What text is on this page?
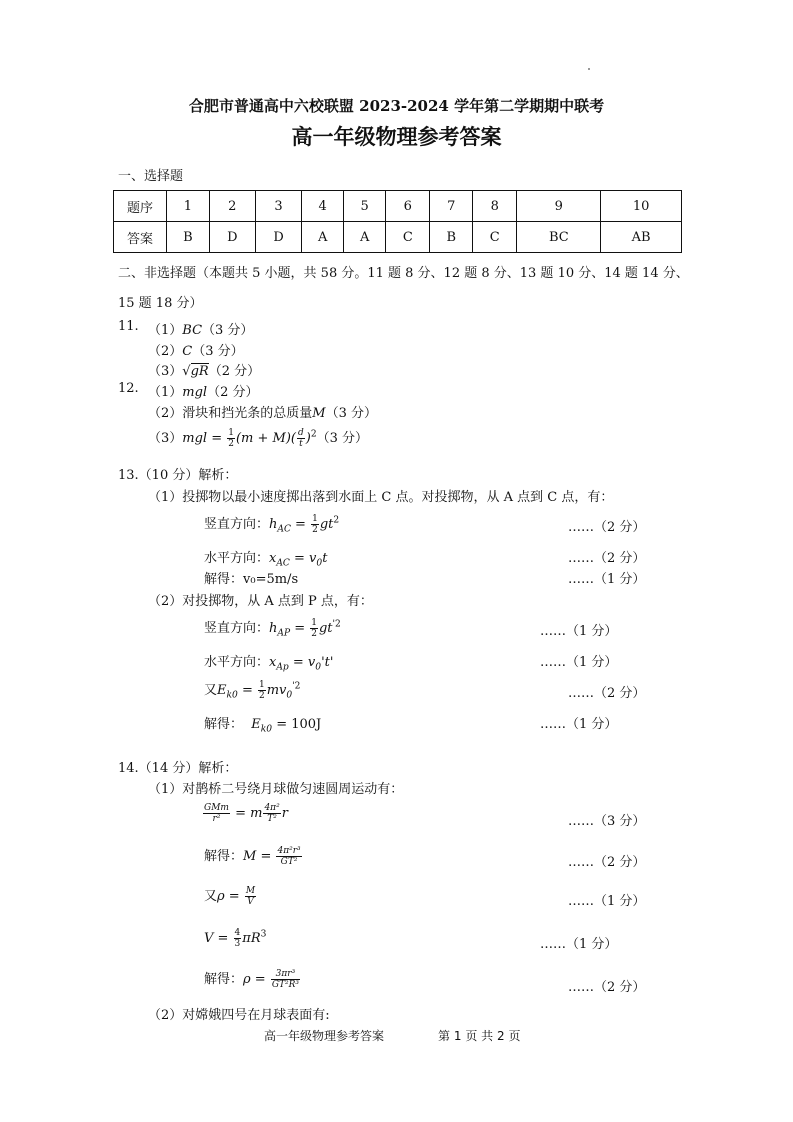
合肥市普通高中六校联盟 2023-2024 学年第二学期期中联考
高一年级物理参考答案
一、选择题
题序	1	2	3	4	5	6	7	8	9	10
答案	B	D	D	A	A	C	B	C	BC	AB
二、非选择题（本题共 5 小题，共 58 分。11 题 8 分、12 题 8 分、13 题 10 分、14 题 14 分、
15 题 18 分）
11. （1）BC（3 分）
（2）C（3 分）
（3）√gR（2 分）
12. （1）mgl（2 分）
（2）滑块和挡光条的总质量M（3 分）
$(3)mgl = \frac{1}{2} (m + M)( \frac{d}{t} )^2(3$ 分）
13.（10 分）解析：
（1）投掷物以最小速度掷出落到水面上 C 点。对投掷物，从 A 点到 C 点，有：
竖直方向：$h_{AC} = \frac{1}{2} gt^2$	……（2 分）
水平方向：$x_{AC} = v_0t$	……（2 分）
解得：v₀=5m/s	……（1 分）
（2）对投掷物，从 A 点到 P 点，有：
竖直方向：$h_{AP} = \frac{1}{2} gt^{'2}$	……（1 分）
水平方向：$x_{Ap} = v_0't'$	……（1 分）
又$E_{k0} = \frac{1}{2} mv_0^{'2}$	……（2 分）
解得： $E_{k0} = 100J$	……（1 分）
14.（14 分）解析：
（1）对鹊桥二号绕月球做匀速圆周运动有：
$\frac{\text{GMm}}{\text{r²}} = m \frac{\text{4π²}}{\text{T²}}$ r
……（3 分）
解得：$M = \frac{\text{4π²r³}}{\text{GT²}}$	……（2 分）
又$\rho = \frac{M}{V}$	……（1 分）
$V = \frac{4}{3} \pi R^3$
……（1 分）
解得：$\rho = \frac{\text{3πr³}}{\text{GT²R³}}$	……（2 分）
（2）对嫦娥四号在月球表面有:
高一年级物理参考答案	第 1 页 共 2 页
